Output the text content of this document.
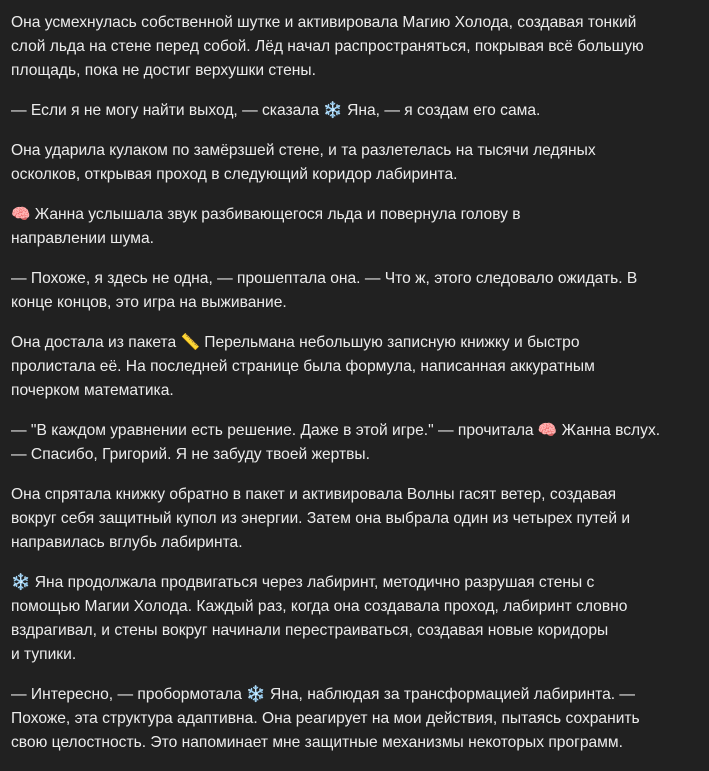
Она усмехнулась собственной шутке и активировала Магию Холода, создавая тонкий
слой льда на стене перед собой. Лёд начал распространяться, покрывая всё большую
площадь, пока не достиг верхушки стены.

— Если я не могу найти выход, — сказала ❄️ Яна, — я создам его сама.

Она ударила кулаком по замёрзшей стене, и та разлетелась на тысячи ледяных
осколков, открывая проход в следующий коридор лабиринта.

🧠 Жанна услышала звук разбивающегося льда и повернула голову в
направлении шума.

— Похоже, я здесь не одна, — прошептала она. — Что ж, этого следовало ожидать. В
конце концов, это игра на выживание.

Она достала из пакета 📏 Перельмана небольшую записную книжку и быстро
пролистала её. На последней странице была формула, написанная аккуратным
почерком математика.

— "В каждом уравнении есть решение. Даже в этой игре." — прочитала 🧠 Жанна вслух.
— Спасибо, Григорий. Я не забуду твоей жертвы.

Она спрятала книжку обратно в пакет и активировала Волны гасят ветер, создавая
вокруг себя защитный купол из энергии. Затем она выбрала один из четырех путей и
направилась вглубь лабиринта.

❄️ Яна продолжала продвигаться через лабиринт, методично разрушая стены с
помощью Магии Холода. Каждый раз, когда она создавала проход, лабиринт словно
вздрагивал, и стены вокруг начинали перестраиваться, создавая новые коридоры
и тупики.

— Интересно, — пробормотала ❄️ Яна, наблюдая за трансформацией лабиринта. —
Похоже, эта структура адаптивна. Она реагирует на мои действия, пытаясь сохранить
свою целостность. Это напоминает мне защитные механизмы некоторых программ.
